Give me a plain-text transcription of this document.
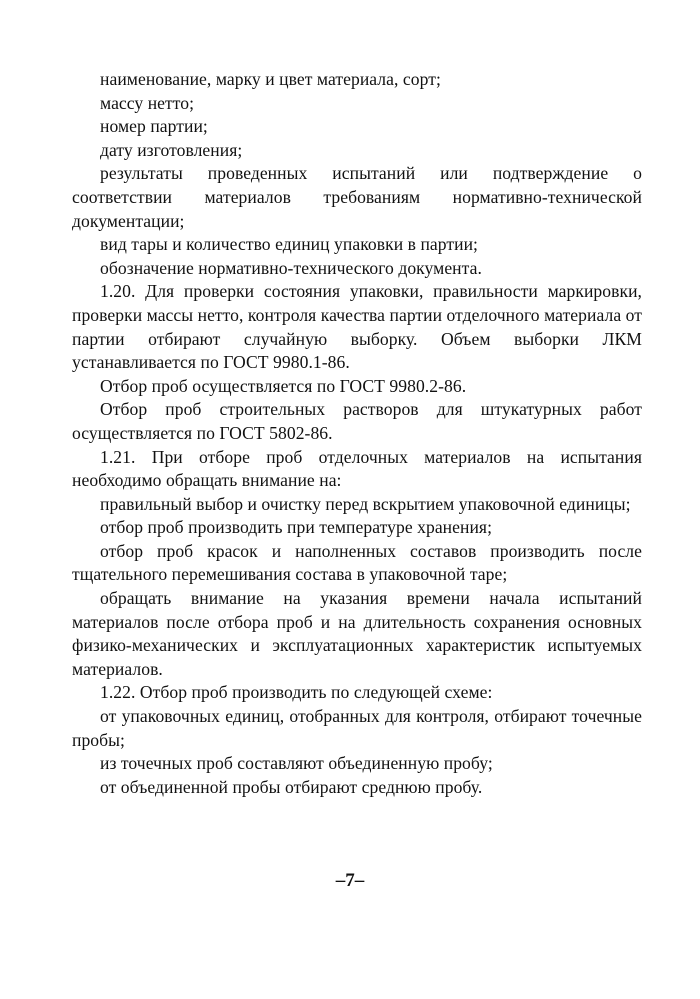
наименование, марку и цвет материала, сорт;

массу нетто;

номер партии;

дату изготовления;

результаты проведенных испытаний или подтверждение о соответствии материалов требованиям нормативно-технической документации;

вид тары и количество единиц упаковки в партии;

обозначение нормативно-технического документа.

1.20. Для проверки состояния упаковки, правильности маркировки, проверки массы нетто, контроля качества партии отделочного материала от партии отбирают случайную выборку. Объем выборки ЛКМ устанавливается по ГОСТ 9980.1-86.

Отбор проб осуществляется по ГОСТ 9980.2-86.

Отбор проб строительных растворов для штукатурных работ осуществляется по ГОСТ 5802-86.

1.21. При отборе проб отделочных материалов на испытания необходимо обращать внимание на:

правильный выбор и очистку перед вскрытием упаковочной единицы;

отбор проб производить при температуре хранения;

отбор проб красок и наполненных составов производить после тщательного перемешивания состава в упаковочной таре;

обращать внимание на указания времени начала испытаний материалов после отбора проб и на длительность сохранения основных физико-механических и эксплуатационных характеристик испытуемых материалов.

1.22. Отбор проб производить по следующей схеме:

от упаковочных единиц, отобранных для контроля, отбирают точечные пробы;

из точечных проб составляют объединенную пробу;

от объединенной пробы отбирают среднюю пробу.

–7–
